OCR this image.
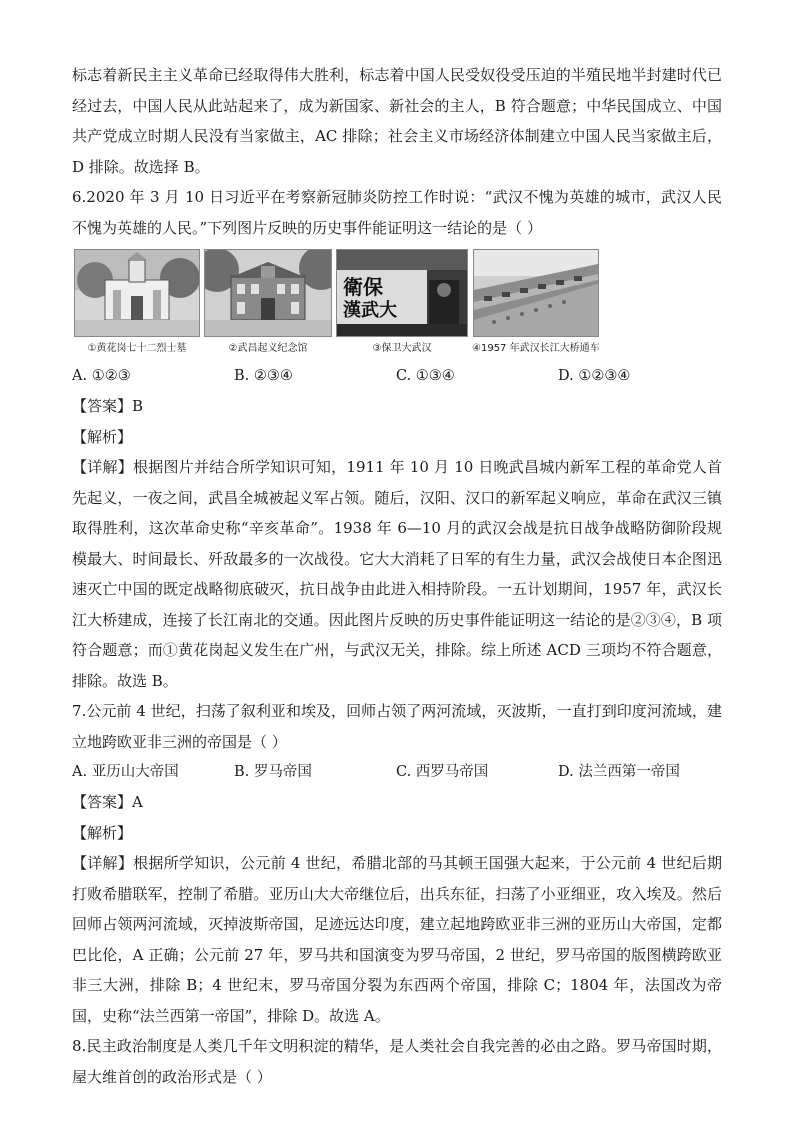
标志着新民主主义革命已经取得伟大胜利，标志着中国人民受奴役受压迫的半殖民地半封建时代已经过去，中国人民从此站起来了，成为新国家、新社会的主人，B 符合题意；中华民国成立、中国共产党成立时期人民没有当家做主，AC 排除；社会主义市场经济体制建立中国人民当家做主后，D 排除。故选择 B。

6.2020 年 3 月 10 日习近平在考察新冠肺炎防控工作时说：“武汉不愧为英雄的城市，武汉人民不愧为英雄的人民。”下列图片反映的历史事件能证明这一结论的是（ ）

①黄花岗七十二烈士墓	②武昌起义纪念馆
衛保
漢武大
③保卫大武汉	④1957 年武汉长江大桥通车
A. ①②③	B. ②③④	C. ①③④	D. ①②③④
【答案】B
【解析】

【详解】根据图片并结合所学知识可知，1911 年 10 月 10 日晚武昌城内新军工程的革命党人首先起义，一夜之间，武昌全城被起义军占领。随后，汉阳、汉口的新军起义响应，革命在武汉三镇取得胜利，这次革命史称“辛亥革命”。1938 年 6—10 月的武汉会战是抗日战争战略防御阶段规模最大、时间最长、歼敌最多的一次战役。它大大消耗了日军的有生力量，武汉会战使日本企图迅速灭亡中国的既定战略彻底破灭，抗日战争由此进入相持阶段。一五计划期间，1957 年，武汉长江大桥建成，连接了长江南北的交通。因此图片反映的历史事件能证明这一结论的是②③④，B 项符合题意；而①黄花岗起义发生在广州，与武汉无关，排除。综上所述 ACD 三项均不符合题意，排除。故选 B。

7.公元前 4 世纪，扫荡了叙利亚和埃及，回师占领了两河流域，灭波斯，一直打到印度河流域，建立地跨欧亚非三洲的帝国是（ ）

A. 亚历山大帝国	B. 罗马帝国	C. 西罗马帝国	D. 法兰西第一帝国
【答案】A
【解析】

【详解】根据所学知识，公元前 4 世纪，希腊北部的马其顿王国强大起来，于公元前 4 世纪后期打败希腊联军，控制了希腊。亚历山大大帝继位后，出兵东征，扫荡了小亚细亚，攻入埃及。然后回师占领两河流域，灭掉波斯帝国，足迹远达印度，建立起地跨欧亚非三洲的亚历山大帝国，定都巴比伦，A 正确；公元前 27 年，罗马共和国演变为罗马帝国，2 世纪，罗马帝国的版图横跨欧亚非三大洲，排除 B；4 世纪末，罗马帝国分裂为东西两个帝国，排除 C；1804 年，法国改为帝国，史称“法兰西第一帝国”，排除 D。故选 A。

8.民主政治制度是人类几千年文明积淀的精华，是人类社会自我完善的必由之路。罗马帝国时期，屋大维首创的政治形式是（ ）
